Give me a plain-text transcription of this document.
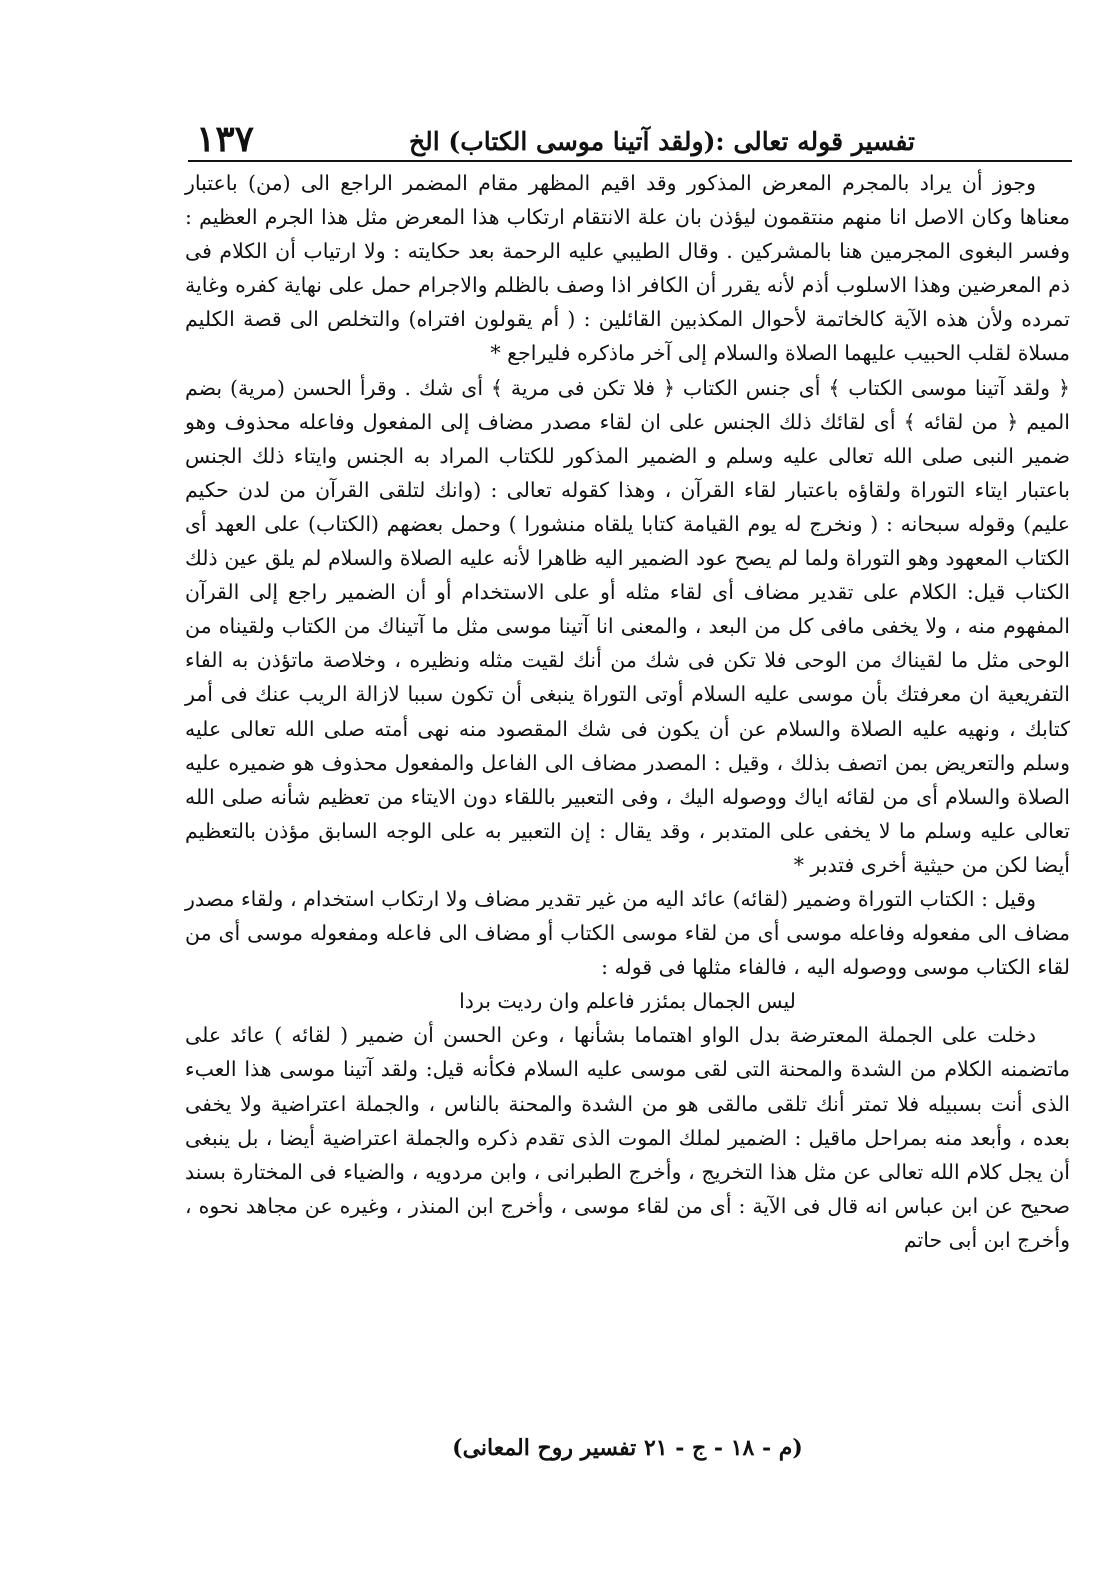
تفسير قوله تعالى :(ولقد آتينا موسى الكتاب) الخ
١٣٧

وجوز أن يراد بالمجرم المعرض المذكور وقد اقيم المظهر مقام المضمر الراجع الى (من) باعتبار معناها وكان الاصل انا منهم منتقمون ليؤذن بان علة الانتقام ارتكاب هذا المعرض مثل هذا الجرم العظيم : وفسر البغوى المجرمين هنا بالمشركين . وقال الطيبي عليه الرحمة بعد حكايته : ولا ارتياب أن الكلام فى ذم المعرضين وهذا الاسلوب أذم لأنه يقرر أن الكافر اذا وصف بالظلم والاجرام حمل على نهاية كفره وغاية تمرده ولأن هذه الآية كالخاتمة لأحوال المكذبين القائلين : ( أم يقولون افتراه) والتخلص الى قصة الكليم مسلاة لقلب الحبيب عليهما الصلاة والسلام إلى آخر ماذكره فليراجع *

﴿ ولقد آتينا موسى الكتاب ﴾ أى جنس الكتاب ﴿ فلا تكن فى مرية ﴾ أى شك . وقرأ الحسن (مرية) بضم الميم ﴿ من لقائه ﴾ أى لقائك ذلك الجنس على ان لقاء مصدر مضاف إلى المفعول وفاعله محذوف وهو ضمير النبى صلى الله تعالى عليه وسلم و الضمير المذكور للكتاب المراد به الجنس وايتاء ذلك الجنس باعتبار ايتاء التوراة ولقاؤه باعتبار لقاء القرآن ، وهذا كقوله تعالى : (وانك لتلقى القرآن من لدن حكيم عليم) وقوله سبحانه : ( ونخرج له يوم القيامة كتابا يلقاه منشورا ) وحمل بعضهم (الكتاب) على العهد أى الكتاب المعهود وهو التوراة ولما لم يصح عود الضمير اليه ظاهرا لأنه عليه الصلاة والسلام لم يلق عين ذلك الكتاب قيل: الكلام على تقدير مضاف أى لقاء مثله أو على الاستخدام أو أن الضمير راجع إلى القرآن المفهوم منه ، ولا يخفى مافى كل من البعد ، والمعنى انا آتينا موسى مثل ما آتيناك من الكتاب ولقيناه من الوحى مثل ما لقيناك من الوحى فلا تكن فى شك من أنك لقيت مثله ونظيره ، وخلاصة ماتؤذن به الفاء التفريعية ان معرفتك بأن موسى عليه السلام أوتى التوراة ينبغى أن تكون سببا لازالة الريب عنك فى أمر كتابك ، ونهيه عليه الصلاة والسلام عن أن يكون فى شك المقصود منه نهى أمته صلى الله تعالى عليه وسلم والتعريض بمن اتصف بذلك ، وقيل : المصدر مضاف الى الفاعل والمفعول محذوف هو ضميره عليه الصلاة والسلام أى من لقائه اياك ووصوله اليك ، وفى التعبير باللقاء دون الايتاء من تعظيم شأنه صلى الله تعالى عليه وسلم ما لا يخفى على المتدبر ، وقد يقال : إن التعبير به على الوجه السابق مؤذن بالتعظيم أيضا لكن من حيثية أخرى فتدبر *

وقيل : الكتاب التوراة وضمير (لقائه) عائد اليه من غير تقدير مضاف ولا ارتكاب استخدام ، ولقاء مصدر مضاف الى مفعوله وفاعله موسى أى من لقاء موسى الكتاب أو مضاف الى فاعله ومفعوله موسى أى من لقاء الكتاب موسى ووصوله اليه ، فالفاء مثلها فى قوله :

ليس الجمال بمئزر فاعلم وان رديت بردا

دخلت على الجملة المعترضة بدل الواو اهتماما بشأنها ، وعن الحسن أن ضمير ( لقائه ) عائد على ماتضمنه الكلام من الشدة والمحنة التى لقى موسى عليه السلام فكأنه قيل: ولقد آتينا موسى هذا العبء الذى أنت بسبيله فلا تمتر أنك تلقى مالقى هو من الشدة والمحنة بالناس ، والجملة اعتراضية ولا يخفى بعده ، وأبعد منه بمراحل ماقيل : الضمير لملك الموت الذى تقدم ذكره والجملة اعتراضية أيضا ، بل ينبغى أن يجل كلام الله تعالى عن مثل هذا التخريج ، وأخرج الطبرانى ، وابن مردويه ، والضياء فى المختارة بسند صحيح عن ابن عباس انه قال فى الآية : أى من لقاء موسى ، وأخرج ابن المنذر ، وغيره عن مجاهد نحوه ، وأخرج ابن أبى حاتم

(م - ١٨ - ج - ٢١ تفسير روح المعانى)
